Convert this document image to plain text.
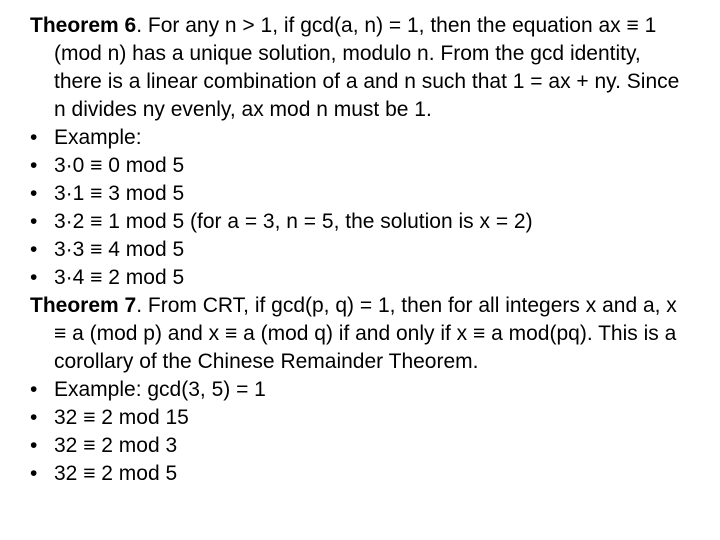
Theorem 6. For any n > 1, if gcd(a, n) = 1, then the equation ax ≡ 1 (mod n) has a unique solution, modulo n. From the gcd identity, there is a linear combination of a and n such that 1 = ax + ny. Since n divides ny evenly, ax mod n must be 1.

• Example:
• 3·0 ≡ 0 mod 5
• 3·1 ≡ 3 mod 5
• 3·2 ≡ 1 mod 5 (for a = 3, n = 5, the solution is x = 2)
• 3·3 ≡ 4 mod 5
• 3·4 ≡ 2 mod 5

Theorem 7. From CRT, if gcd(p, q) = 1, then for all integers x and a, x ≡ a (mod p) and x ≡ a (mod q) if and only if x ≡ a mod(pq). This is a corollary of the Chinese Remainder Theorem.

• Example: gcd(3, 5) = 1
• 32 ≡ 2 mod 15
• 32 ≡ 2 mod 3
• 32 ≡ 2 mod 5
